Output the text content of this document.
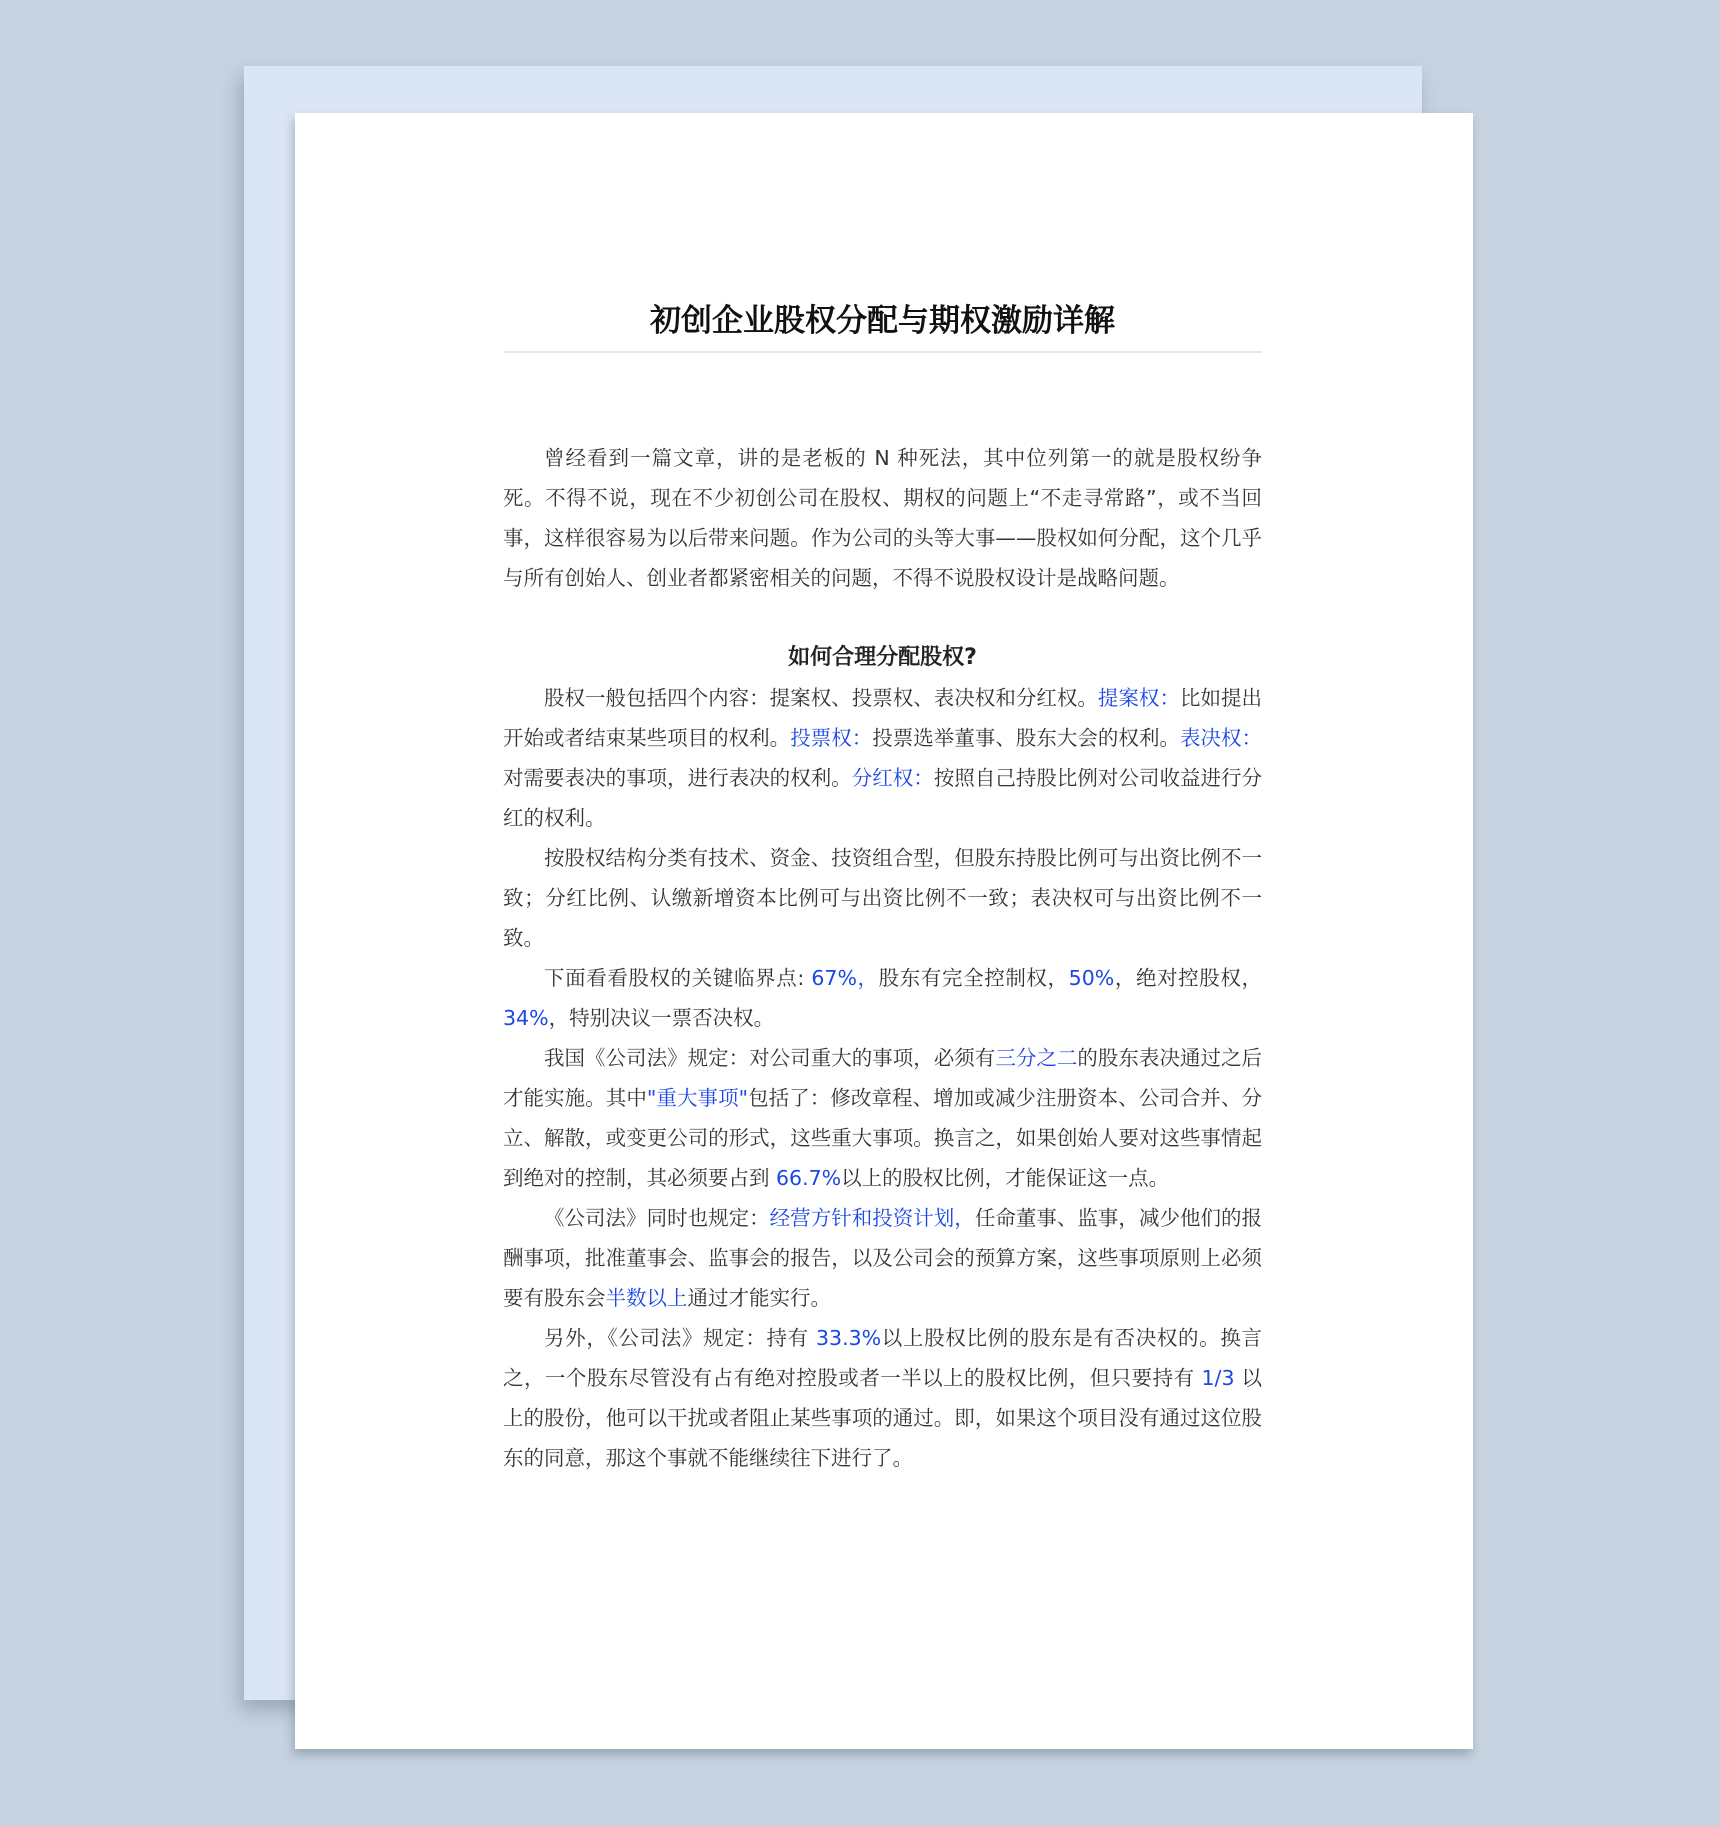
初创企业股权分配与期权激励详解

曾经看到一篇文章，讲的是老板的 N 种死法，其中位列第一的就是股权纷争死。不得不说，现在不少初创公司在股权、期权的问题上“不走寻常路”，或不当回事，这样很容易为以后带来问题。作为公司的头等大事——股权如何分配，这个几乎与所有创始人、创业者都紧密相关的问题，不得不说股权设计是战略问题。

如何合理分配股权?

股权一般包括四个内容：提案权、投票权、表决权和分红权。提案权：比如提出开始或者结束某些项目的权利。投票权：投票选举董事、股东大会的权利。表决权：对需要表决的事项，进行表决的权利。分红权：按照自己持股比例对公司收益进行分红的权利。

按股权结构分类有技术、资金、技资组合型，但股东持股比例可与出资比例不一致；分红比例、认缴新增资本比例可与出资比例不一致；表决权可与出资比例不一致。

下面看看股权的关键临界点: 67%，股东有完全控制权，50%，绝对控股权，34%，特别决议一票否决权。

我国《公司法》规定：对公司重大的事项，必须有三分之二的股东表决通过之后才能实施。其中"重大事项"包括了：修改章程、增加或减少注册资本、公司合并、分立、解散，或变更公司的形式，这些重大事项。换言之，如果创始人要对这些事情起到绝对的控制，其必须要占到 66.7%以上的股权比例，才能保证这一点。

《公司法》同时也规定：经营方针和投资计划，任命董事、监事，减少他们的报酬事项，批准董事会、监事会的报告，以及公司会的预算方案，这些事项原则上必须要有股东会半数以上通过才能实行。

另外，《公司法》规定：持有 33.3%以上股权比例的股东是有否决权的。换言之，一个股东尽管没有占有绝对控股或者一半以上的股权比例，但只要持有 1/3 以上的股份，他可以干扰或者阻止某些事项的通过。即，如果这个项目没有通过这位股东的同意，那这个事就不能继续往下进行了。
